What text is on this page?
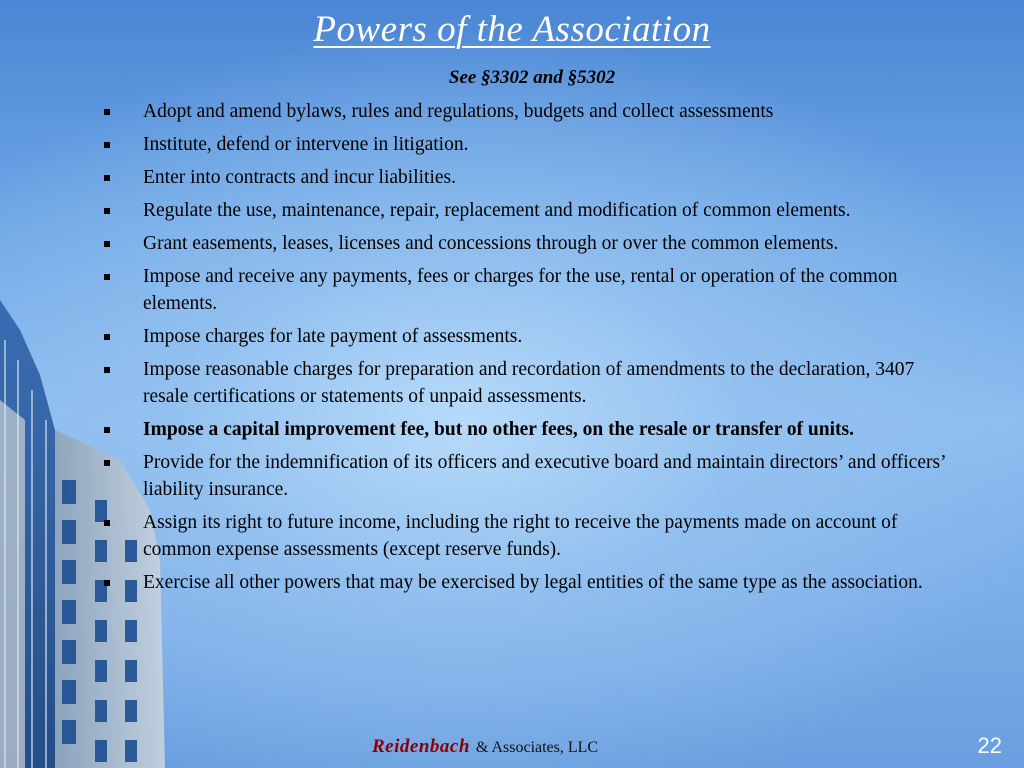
Powers of the Association
See §3302 and §5302
Adopt and amend bylaws, rules and regulations, budgets and collect assessments
Institute, defend or intervene in litigation.
Enter into contracts and incur liabilities.
Regulate the use, maintenance, repair, replacement and modification of common elements.
Grant easements, leases, licenses and concessions through or over the common elements.
Impose and receive any payments, fees or charges for the use, rental or operation of the common elements.
Impose charges for late payment of assessments.
Impose reasonable charges for preparation and recordation of amendments to the declaration, 3407 resale certifications or statements of unpaid assessments.
Impose a capital improvement fee, but no other fees, on the resale or transfer of units.
Provide for the indemnification of its officers and executive board and maintain directors’ and officers’ liability insurance.
Assign its right to future income, including the right to receive the payments made on account of common expense assessments (except reserve funds).
Exercise all other powers that may be exercised by legal entities of the same type as the association.
Reidenbach & Associates, LLC	22
